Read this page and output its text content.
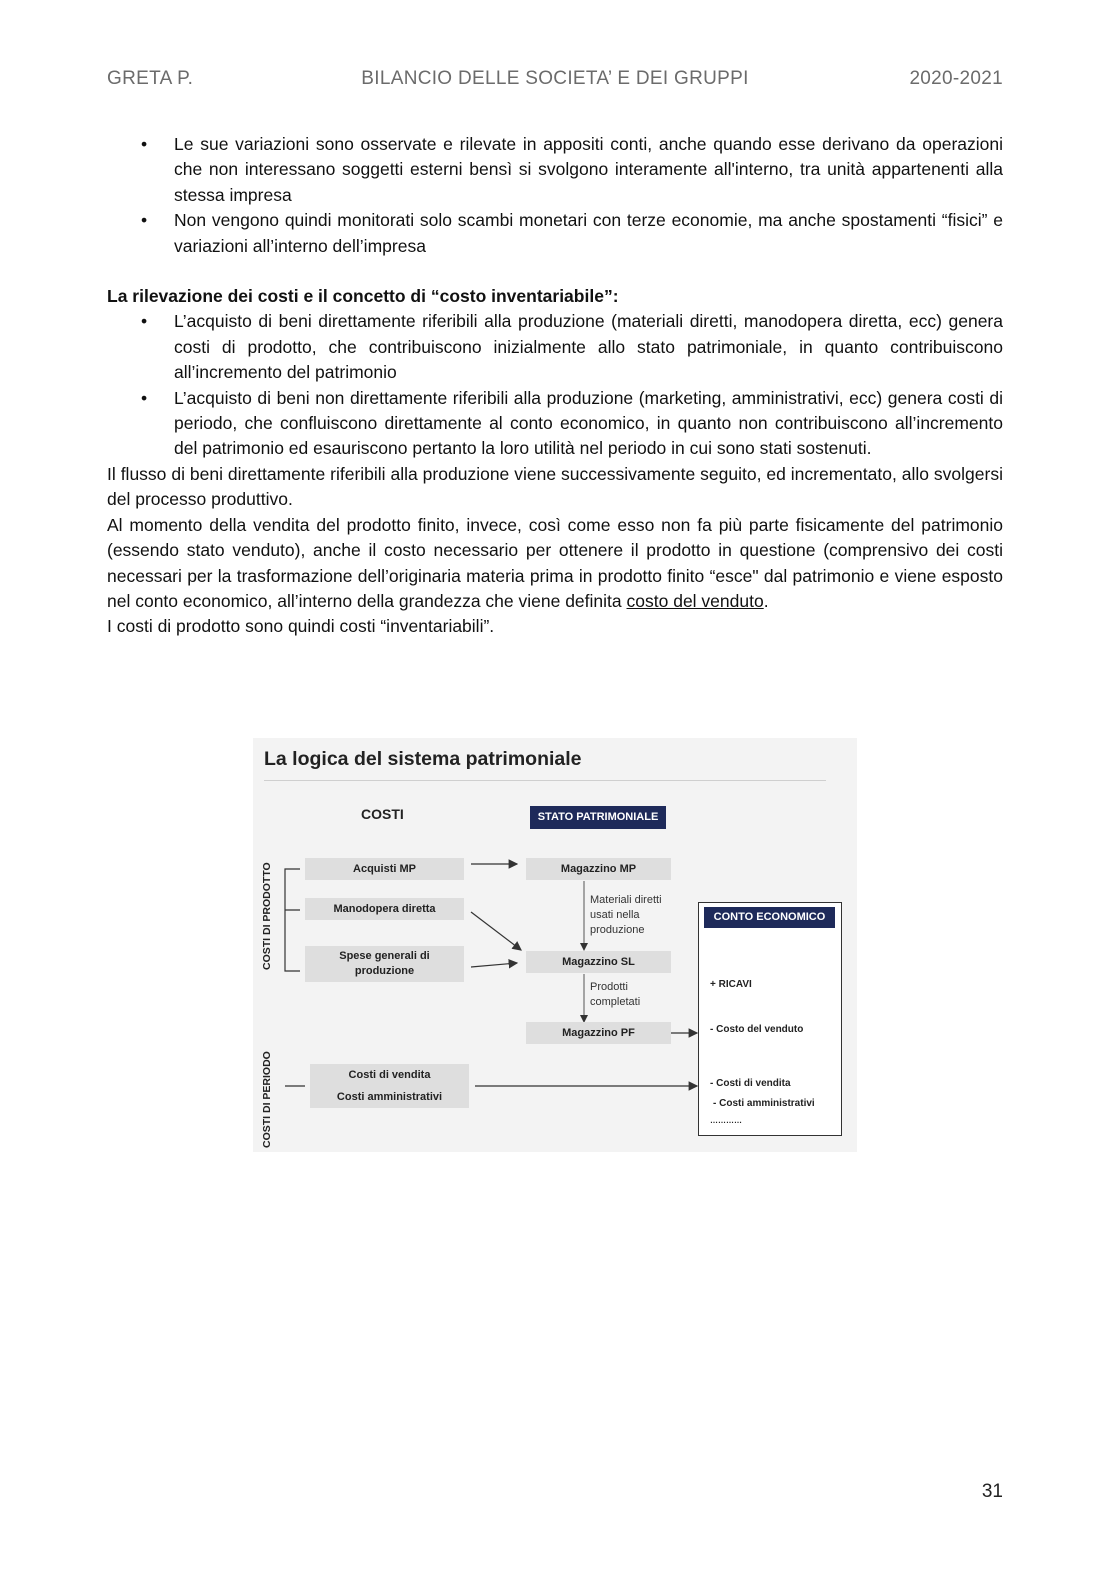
GRETA P.	BILANCIO DELLE SOCIETA’ E DEI GRUPPI	2020-2021
• Le sue variazioni sono osservate e rilevate in appositi conti, anche quando esse derivano da operazioni che non interessano soggetti esterni bensì si svolgono interamente all'interno, tra unità appartenenti alla stessa impresa
• Non vengono quindi monitorati solo scambi monetari con terze economie, ma anche spostamenti “fisici” e variazioni all’interno dell’impresa

La rilevazione dei costi e il concetto di “costo inventariabile”:

• L’acquisto di beni direttamente riferibili alla produzione (materiali diretti, manodopera diretta, ecc) genera costi di prodotto, che contribuiscono inizialmente allo stato patrimoniale, in quanto contribuiscono all’incremento del patrimonio
• L’acquisto di beni non direttamente riferibili alla produzione (marketing, amministrativi, ecc) genera costi di periodo, che confluiscono direttamente al conto economico, in quanto non contribuiscono all’incremento del patrimonio ed esauriscono pertanto la loro utilità nel periodo in cui sono stati sostenuti.

Il flusso di beni direttamente riferibili alla produzione viene successivamente seguito, ed incrementato, allo svolgersi del processo produttivo.

Al momento della vendita del prodotto finito, invece, così come esso non fa più parte fisicamente del patrimonio (essendo stato venduto), anche il costo necessario per ottenere il prodotto in questione (comprensivo dei costi necessari per la trasformazione dell’originaria materia prima in prodotto finito “esce" dal patrimonio e viene esposto nel conto economico, all’interno della grandezza che viene definita costo del venduto.

I costi di prodotto sono quindi costi “inventariabili”.

La logica del sistema patrimoniale
COSTI	STATO PATRIMONIALE
COSTI DI PRODOTTO
COSTI DI PERIODO
Acquisti MP
Manodopera diretta
Spese generali di
produzione
Costi di vendita
Costi amministrativi
Magazzino MP
Magazzino SL
Magazzino PF
Materiali diretti
usati nella
produzione
Prodotti
completati
CONTO ECONOMICO
+ RICAVI
- Costo del venduto
- Costi di vendita
- Costi amministrativi
…………
31
